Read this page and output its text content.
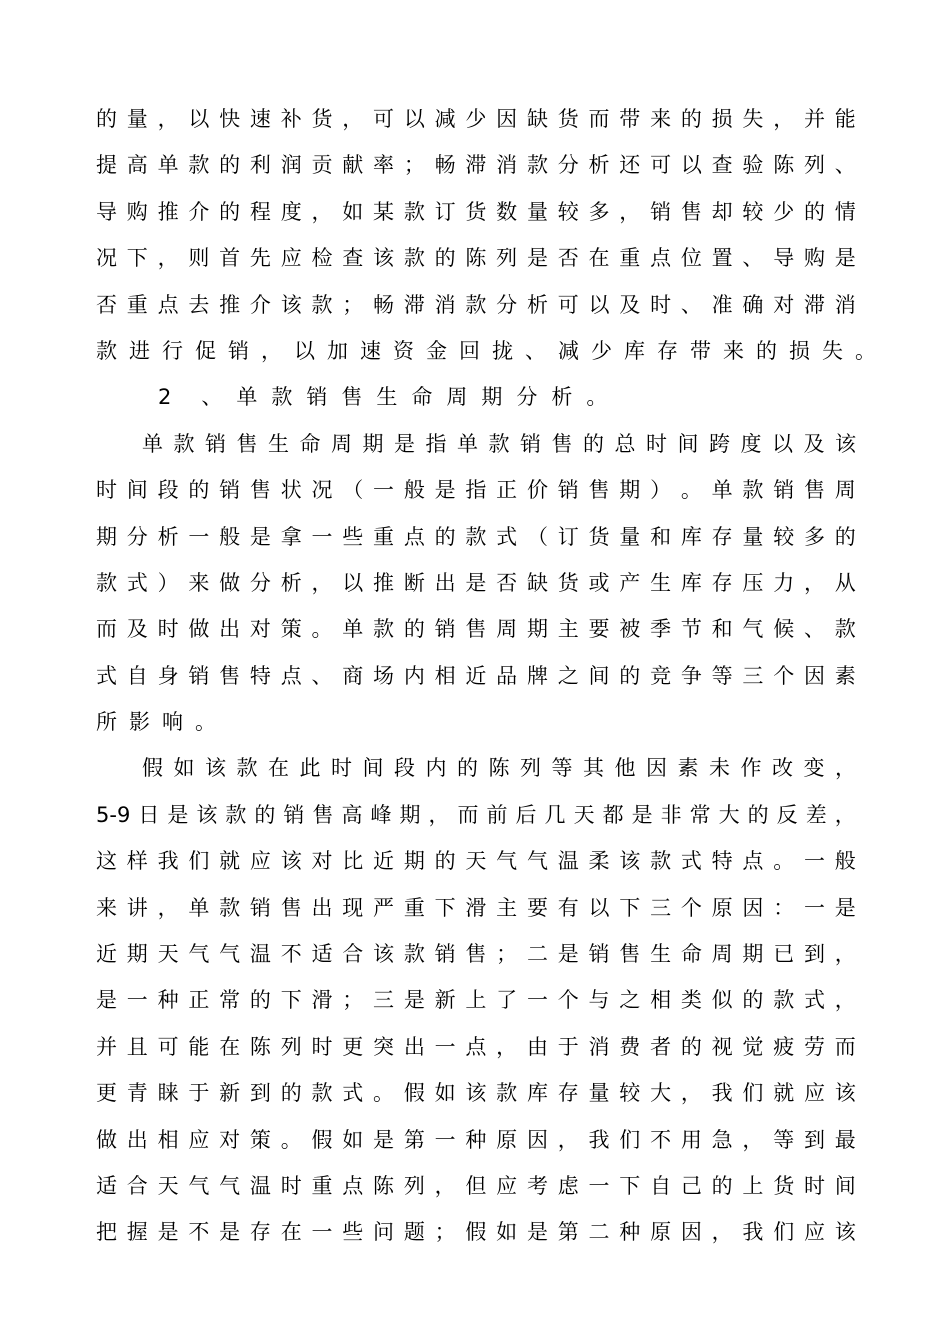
的 量 ， 以 快 速 补 货 ， 可 以 减 少 因 缺 货 而 带 来 的 损 失 ， 并 能
提 高 单 款 的 利 润 贡 献 率 ； 畅 滞 消 款 分 析 还 可 以 查 验 陈 列 、
导 购 推 介 的 程 度 ， 如 某 款 订 货 数 量 较 多 ， 销 售 却 较 少 的 情
况 下 ， 则 首 先 应 检 查 该 款 的 陈 列 是 否 在 重 点 位 置 、 导 购 是
否 重 点 去 推 介 该 款 ； 畅 滞 消 款 分 析 可 以 及 时 、 准 确 对 滞 消
款 进 行 促 销 ， 以 加 速 资 金 回 拢 、 减 少 库 存 带 来 的 损 失 。
2 、 单 款 销 售 生 命 周 期 分 析 。
单 款 销 售 生 命 周 期 是 指 单 款 销 售 的 总 时 间 跨 度 以 及 该
时 间 段 的 销 售 状 况 （ 一 般 是 指 正 价 销 售 期 ） 。 单 款 销 售 周
期 分 析 一 般 是 拿 一 些 重 点 的 款 式 （ 订 货 量 和 库 存 量 较 多 的
款 式 ） 来 做 分 析 ， 以 推 断 出 是 否 缺 货 或 产 生 库 存 压 力 ， 从
而 及 时 做 出 对 策 。 单 款 的 销 售 周 期 主 要 被 季 节 和 气 候 、 款
式 自 身 销 售 特 点 、 商 场 内 相 近 品 牌 之 间 的 竞 争 等 三 个 因 素
所 影 响 。
假 如 该 款 在 此 时 间 段 内 的 陈 列 等 其 他 因 素 未 作 改 变 ，
5-9 日 是 该 款 的 销 售 高 峰 期 ， 而 前 后 几 天 都 是 非 常 大 的 反 差 ，
这 样 我 们 就 应 该 对 比 近 期 的 天 气 气 温 柔 该 款 式 特 点 。 一 般
来 讲 ， 单 款 销 售 出 现 严 重 下 滑 主 要 有 以 下 三 个 原 因 ： 一 是
近 期 天 气 气 温 不 适 合 该 款 销 售 ； 二 是 销 售 生 命 周 期 已 到 ，
是 一 种 正 常 的 下 滑 ； 三 是 新 上 了 一 个 与 之 相 类 似 的 款 式 ，
并 且 可 能 在 陈 列 时 更 突 出 一 点 ， 由 于 消 费 者 的 视 觉 疲 劳 而
更 青 睐 于 新 到 的 款 式 。 假 如 该 款 库 存 量 较 大 ， 我 们 就 应 该
做 出 相 应 对 策 。 假 如 是 第 一 种 原 因 ， 我 们 不 用 急 ， 等 到 最
适 合 天 气 气 温 时 重 点 陈 列 ， 但 应 考 虑 一 下 自 己 的 上 货 时 间
把 握 是 不 是 存 在 一 些 问 题 ； 假 如 是 第 二 种 原 因 ， 我 们 应 该
